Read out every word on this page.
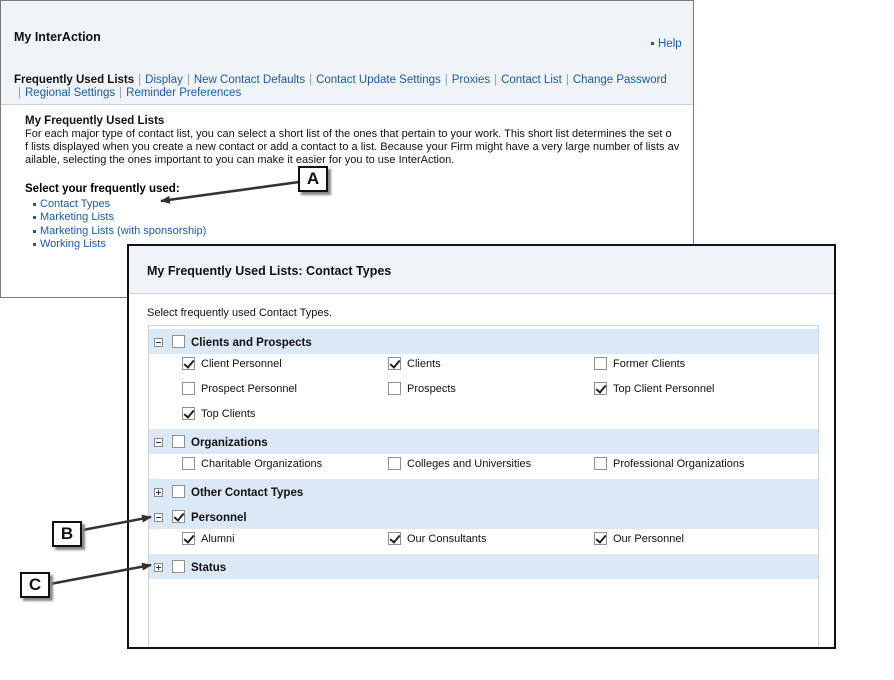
My InterAction	Help
Frequently Used Lists | Display | New Contact Defaults | Contact Update Settings | Proxies | Contact List | Change Password
| Regional Settings | Reminder Preferences
My Frequently Used Lists
For each major type of contact list, you can select a short list of the ones that pertain to your work. This short list determines the set o
f lists displayed when you create a new contact or add a contact to a list. Because your Firm might have a very large number of lists av
ailable, selecting the ones important to you can make it easier for you to use InterAction.
Select your frequently used:
Contact Types
Marketing Lists
Marketing Lists (with sponsorship)
Working Lists
My Frequently Used Lists: Contact Types
Select frequently used Contact Types.
Clients and Prospects
Client Personnel	Clients	Former Clients
Prospect Personnel	Prospects	Top Client Personnel
Top Clients
Organizations
Charitable Organizations	Colleges and Universities	Professional Organizations
Other Contact Types
Personnel
Alumni	Our Consultants	Our Personnel
Status
A
B
C
